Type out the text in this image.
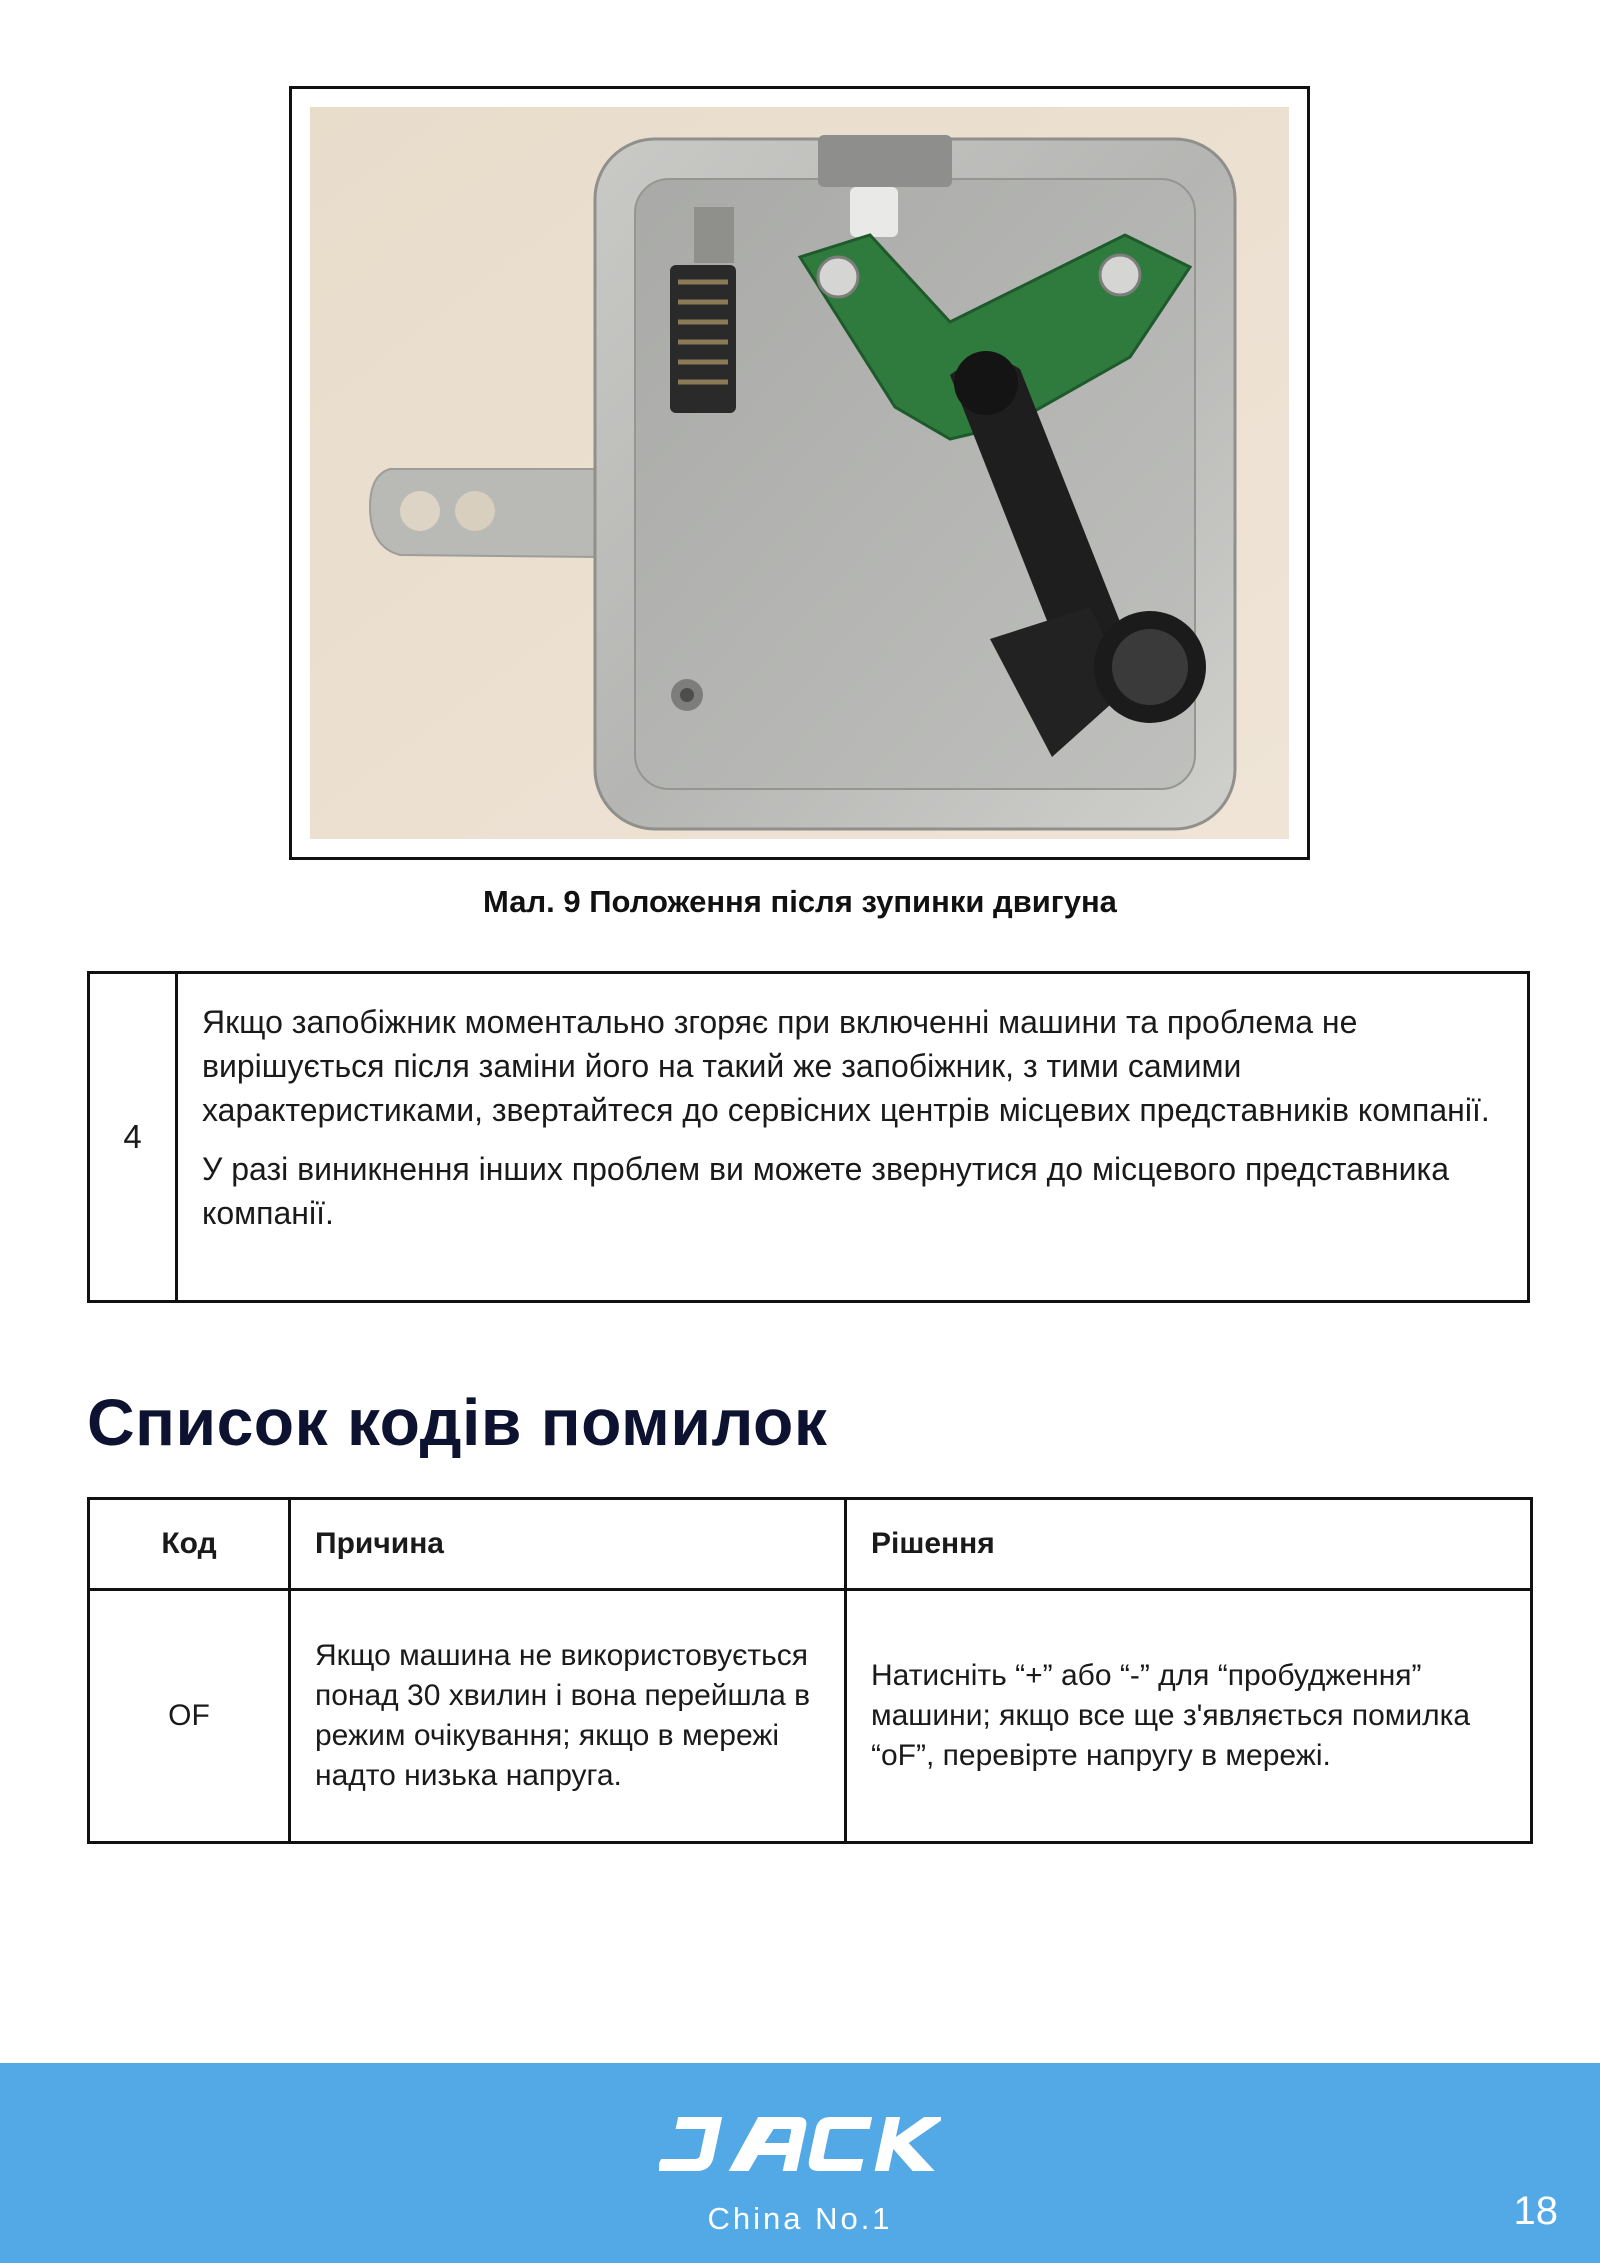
Мал. 9 Положення після зупинки двигуна
4

Якщо запобіжник моментально згоряє при включенні машини та проблема не вирішується після заміни його на такий же запобіжник, з тими самими характеристиками, звертайтеся до сервісних центрів місцевих представників компанії.

У разі виникнення інших проблем ви можете звернутися до місцевого представника компанії.

Список кодів помилок
Код	Причина	Рішення
OF	Якщо машина не використовується понад 30 хвилин і вона перейшла в режим очікування; якщо в мережі надто низька напруга.	Натисніть “+” або “-” для “пробудження” машини; якщо все ще з'являється помилка “oF”, перевірте напругу в мережі.
China No.1	18
